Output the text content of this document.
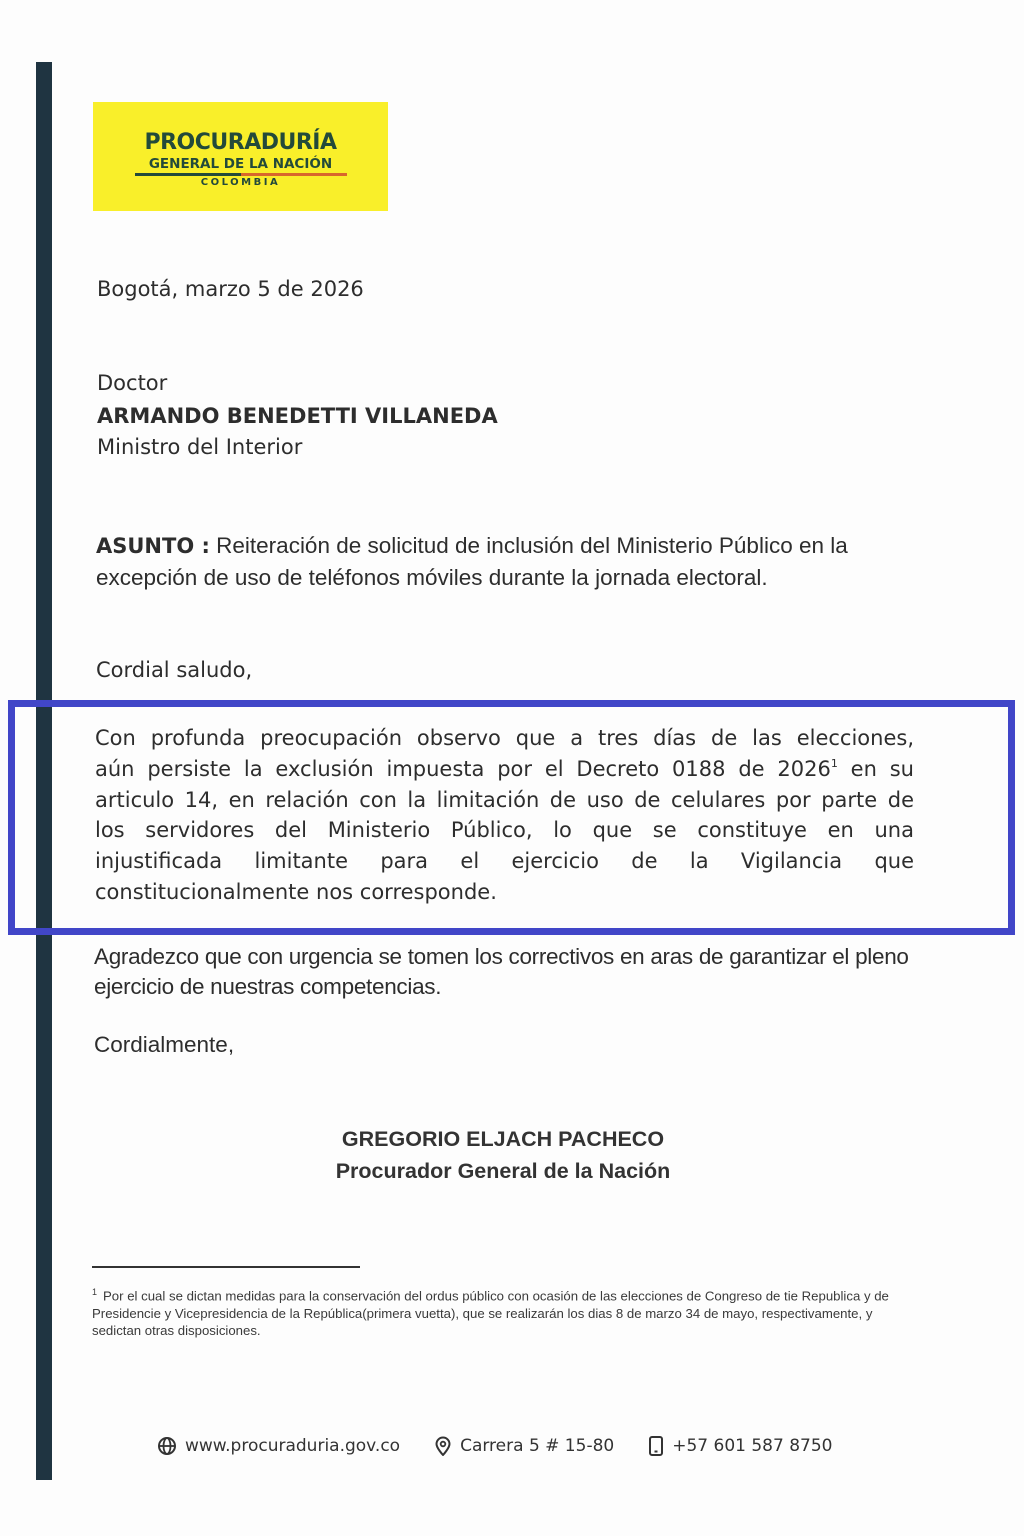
PROCURADURÍA
GENERAL DE LA NACIÓN
COLOMBIA
Bogotá, marzo 5 de 2026
Doctor
ARMANDO BENEDETTI VILLANEDA
Ministro del Interior
ASUNTO : Reiteración de solicitud de inclusión del Ministerio Público en la excepción de uso de teléfonos móviles durante la jornada electoral.
Cordial saludo,
Con profunda preocupación observo que a tres días de las elecciones,
aún persiste la exclusión impuesta por el Decreto 0188 de 2026$^1$ en su
articulo 14, en relación con la limitación de uso de celulares por parte de
los servidores del Ministerio Público, lo que se constituye en una
injustificada limitante para el ejercicio de la Vigilancia que
constitucionalmente nos corresponde.
Agradezco que con urgencia se tomen los correctivos en aras de garantizar el pleno ejercicio de nuestras competencias.
Cordialmente,
GREGORIO ELJACH PACHECO
Procurador General de la Nación
$^1$ Por el cual se dictan medidas para la conservación del ordus público con ocasión de las elecciones de Congreso de tie Republica y de Presidencie y Vicepresidencia de la República(primera vuetta), que se realizarán los dias 8 de marzo 34 de mayo, respectivamente, y sedictan otras disposiciones.
www.procuraduria.gov.co	Carrera 5 # 15-80	+57 601 587 8750
